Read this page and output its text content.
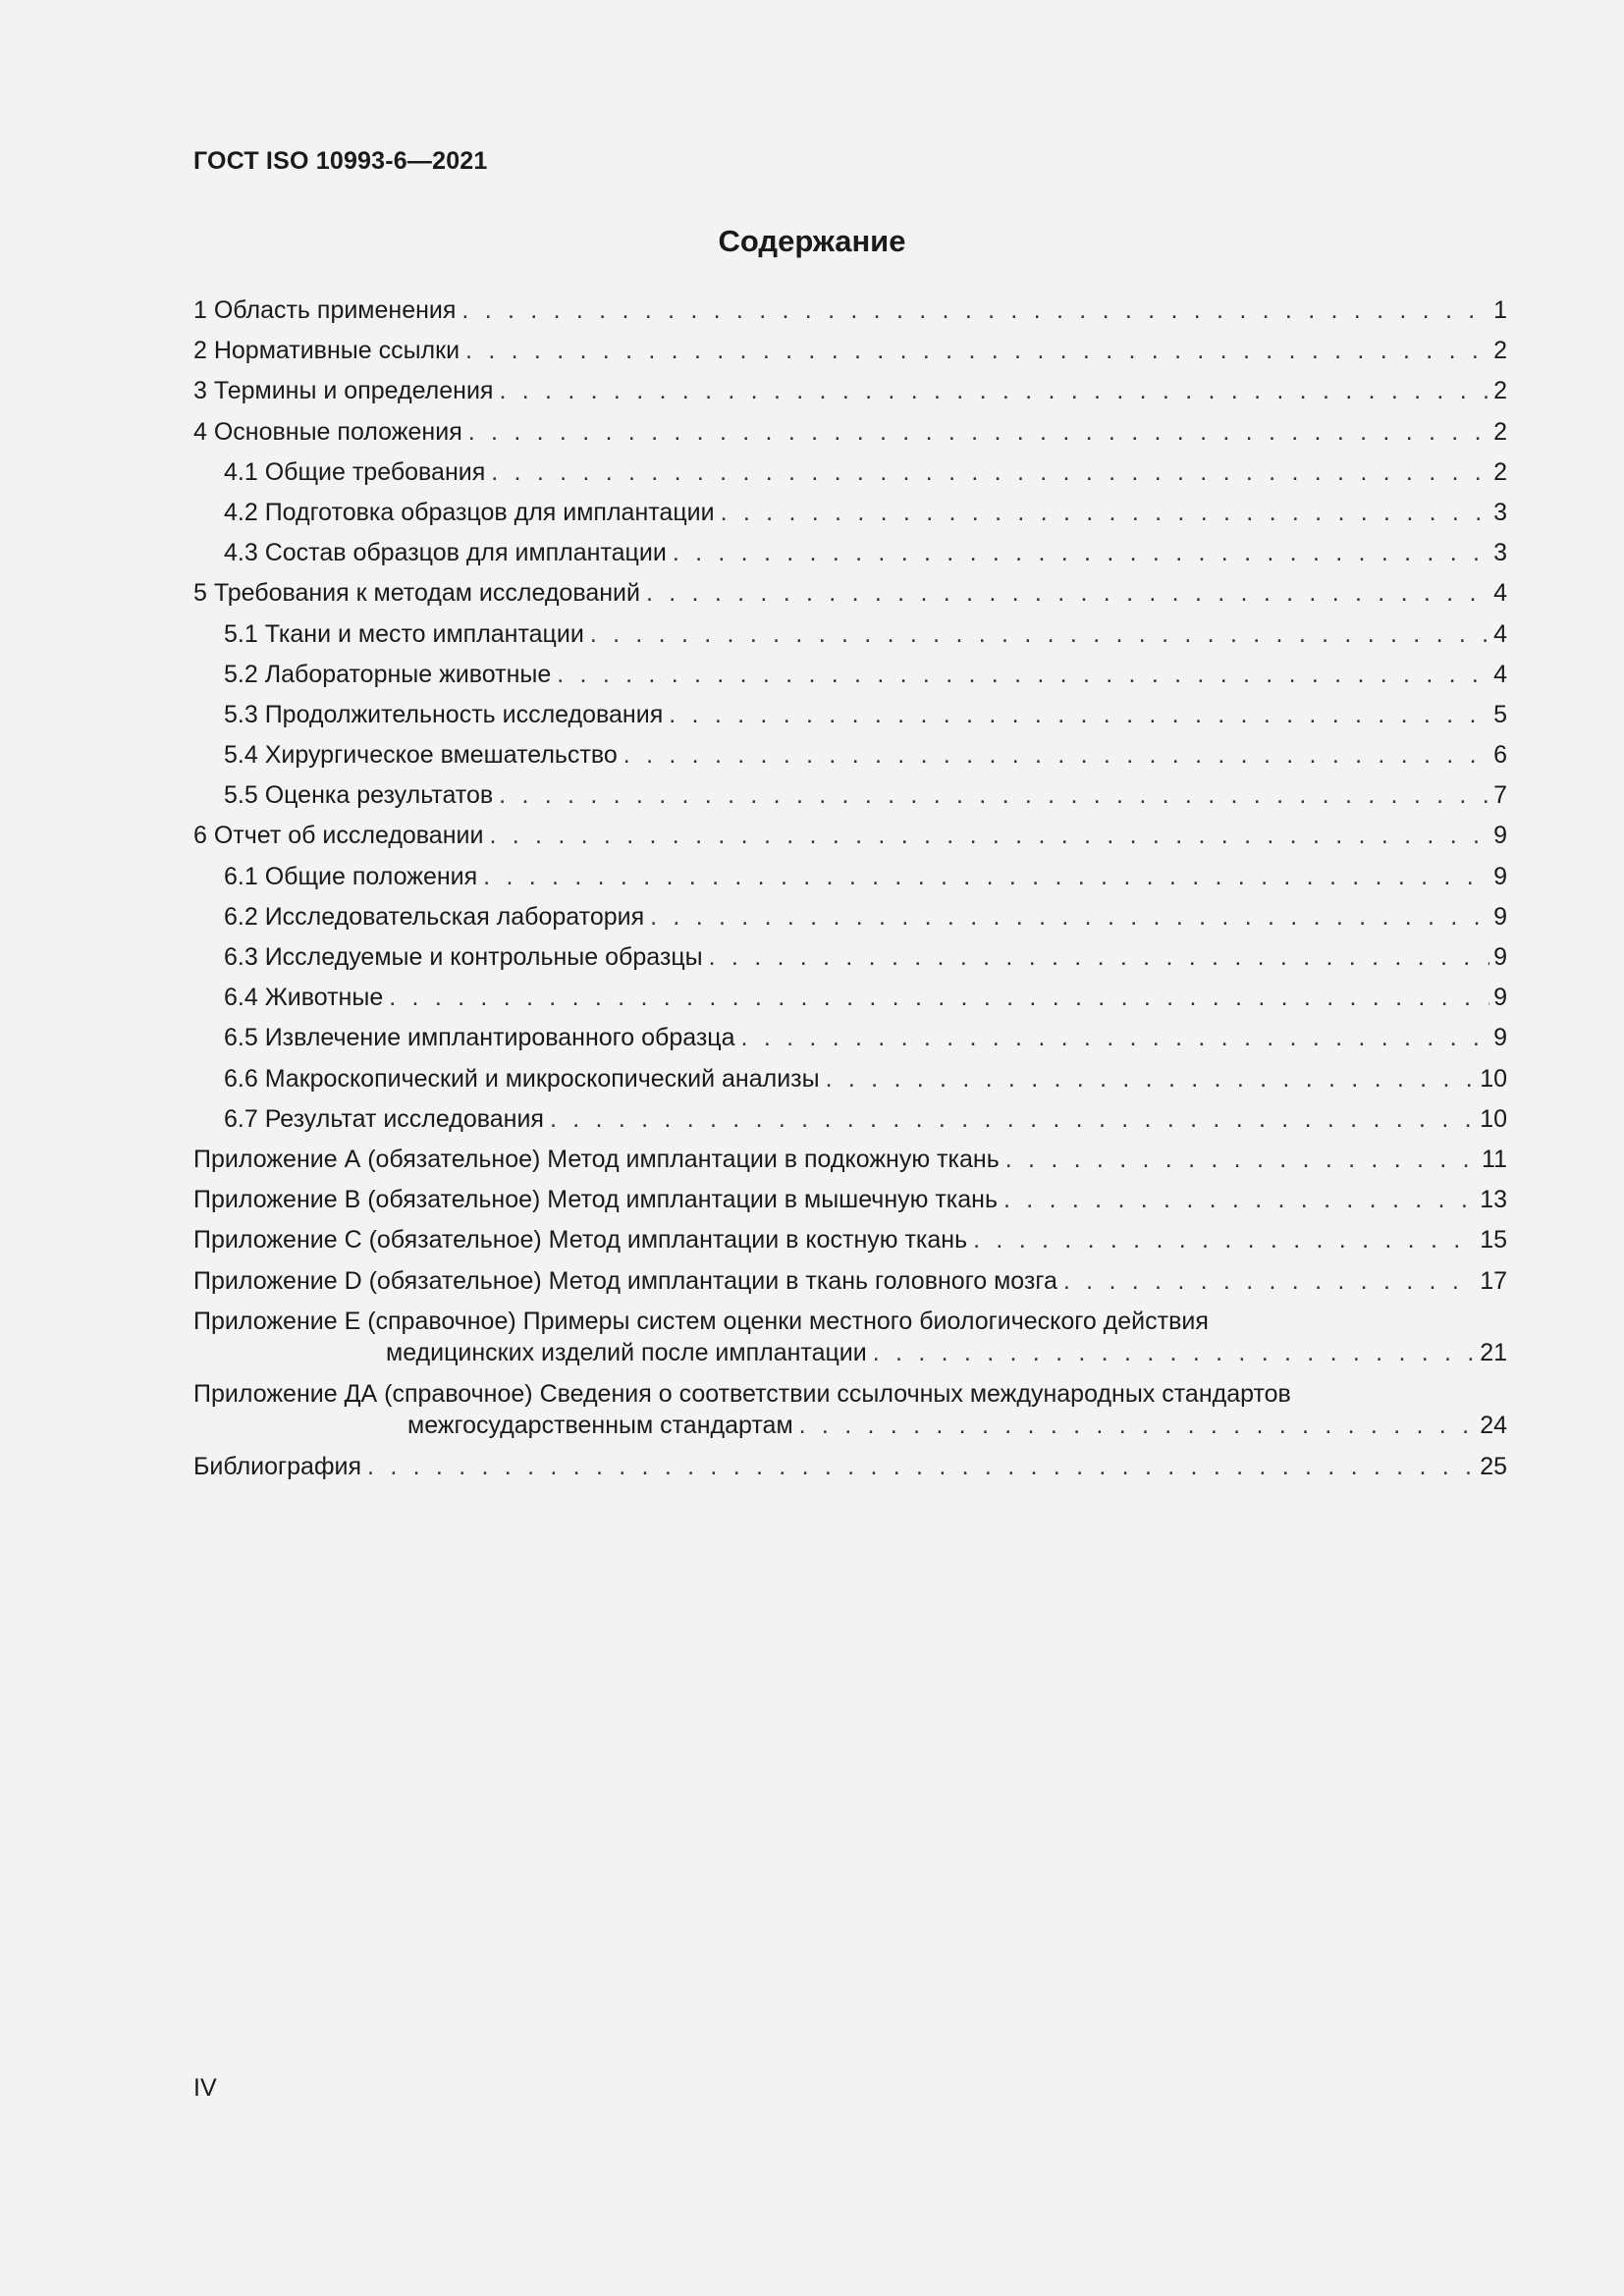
ГОСТ ISO 10993-6—2021
Содержание
1 Область применения . . .	1
2 Нормативные ссылки . . .	2
3 Термины и определения . . .	2
4 Основные положения . . .	2
4.1 Общие требования . . .	2
4.2 Подготовка образцов для имплантации . . .	3
4.3 Состав образцов для имплантации . . .	3
5 Требования к методам исследований . . .	4
5.1 Ткани и место имплантации . . .	4
5.2 Лабораторные животные . . .	4
5.3 Продолжительность исследования . . .	5
5.4 Хирургическое вмешательство . . .	6
5.5 Оценка результатов . . .	7
6 Отчет об исследовании . . .	9
6.1 Общие положения . . .	9
6.2 Исследовательская лаборатория . . .	9
6.3 Исследуемые и контрольные образцы . . .	9
6.4 Животные . . .	9
6.5 Извлечение имплантированного образца . . .	9
6.6 Макроскопический и микроскопический анализы . . .	10
6.7 Результат исследования . . .	10
Приложение А (обязательное) Метод имплантации в подкожную ткань . . .	11
Приложение В (обязательное) Метод имплантации в мышечную ткань . . .	13
Приложение С (обязательное) Метод имплантации в костную ткань . . .	15
Приложение D (обязательное) Метод имплантации в ткань головного мозга . . .	17
Приложение Е (справочное) Примеры систем оценки местного биологического действия
медицинских изделий после имплантации . . .	21
Приложение ДА (справочное) Сведения о соответствии ссылочных международных стандартов
межгосударственным стандартам . . .	24
Библиография . . .	25
IV
